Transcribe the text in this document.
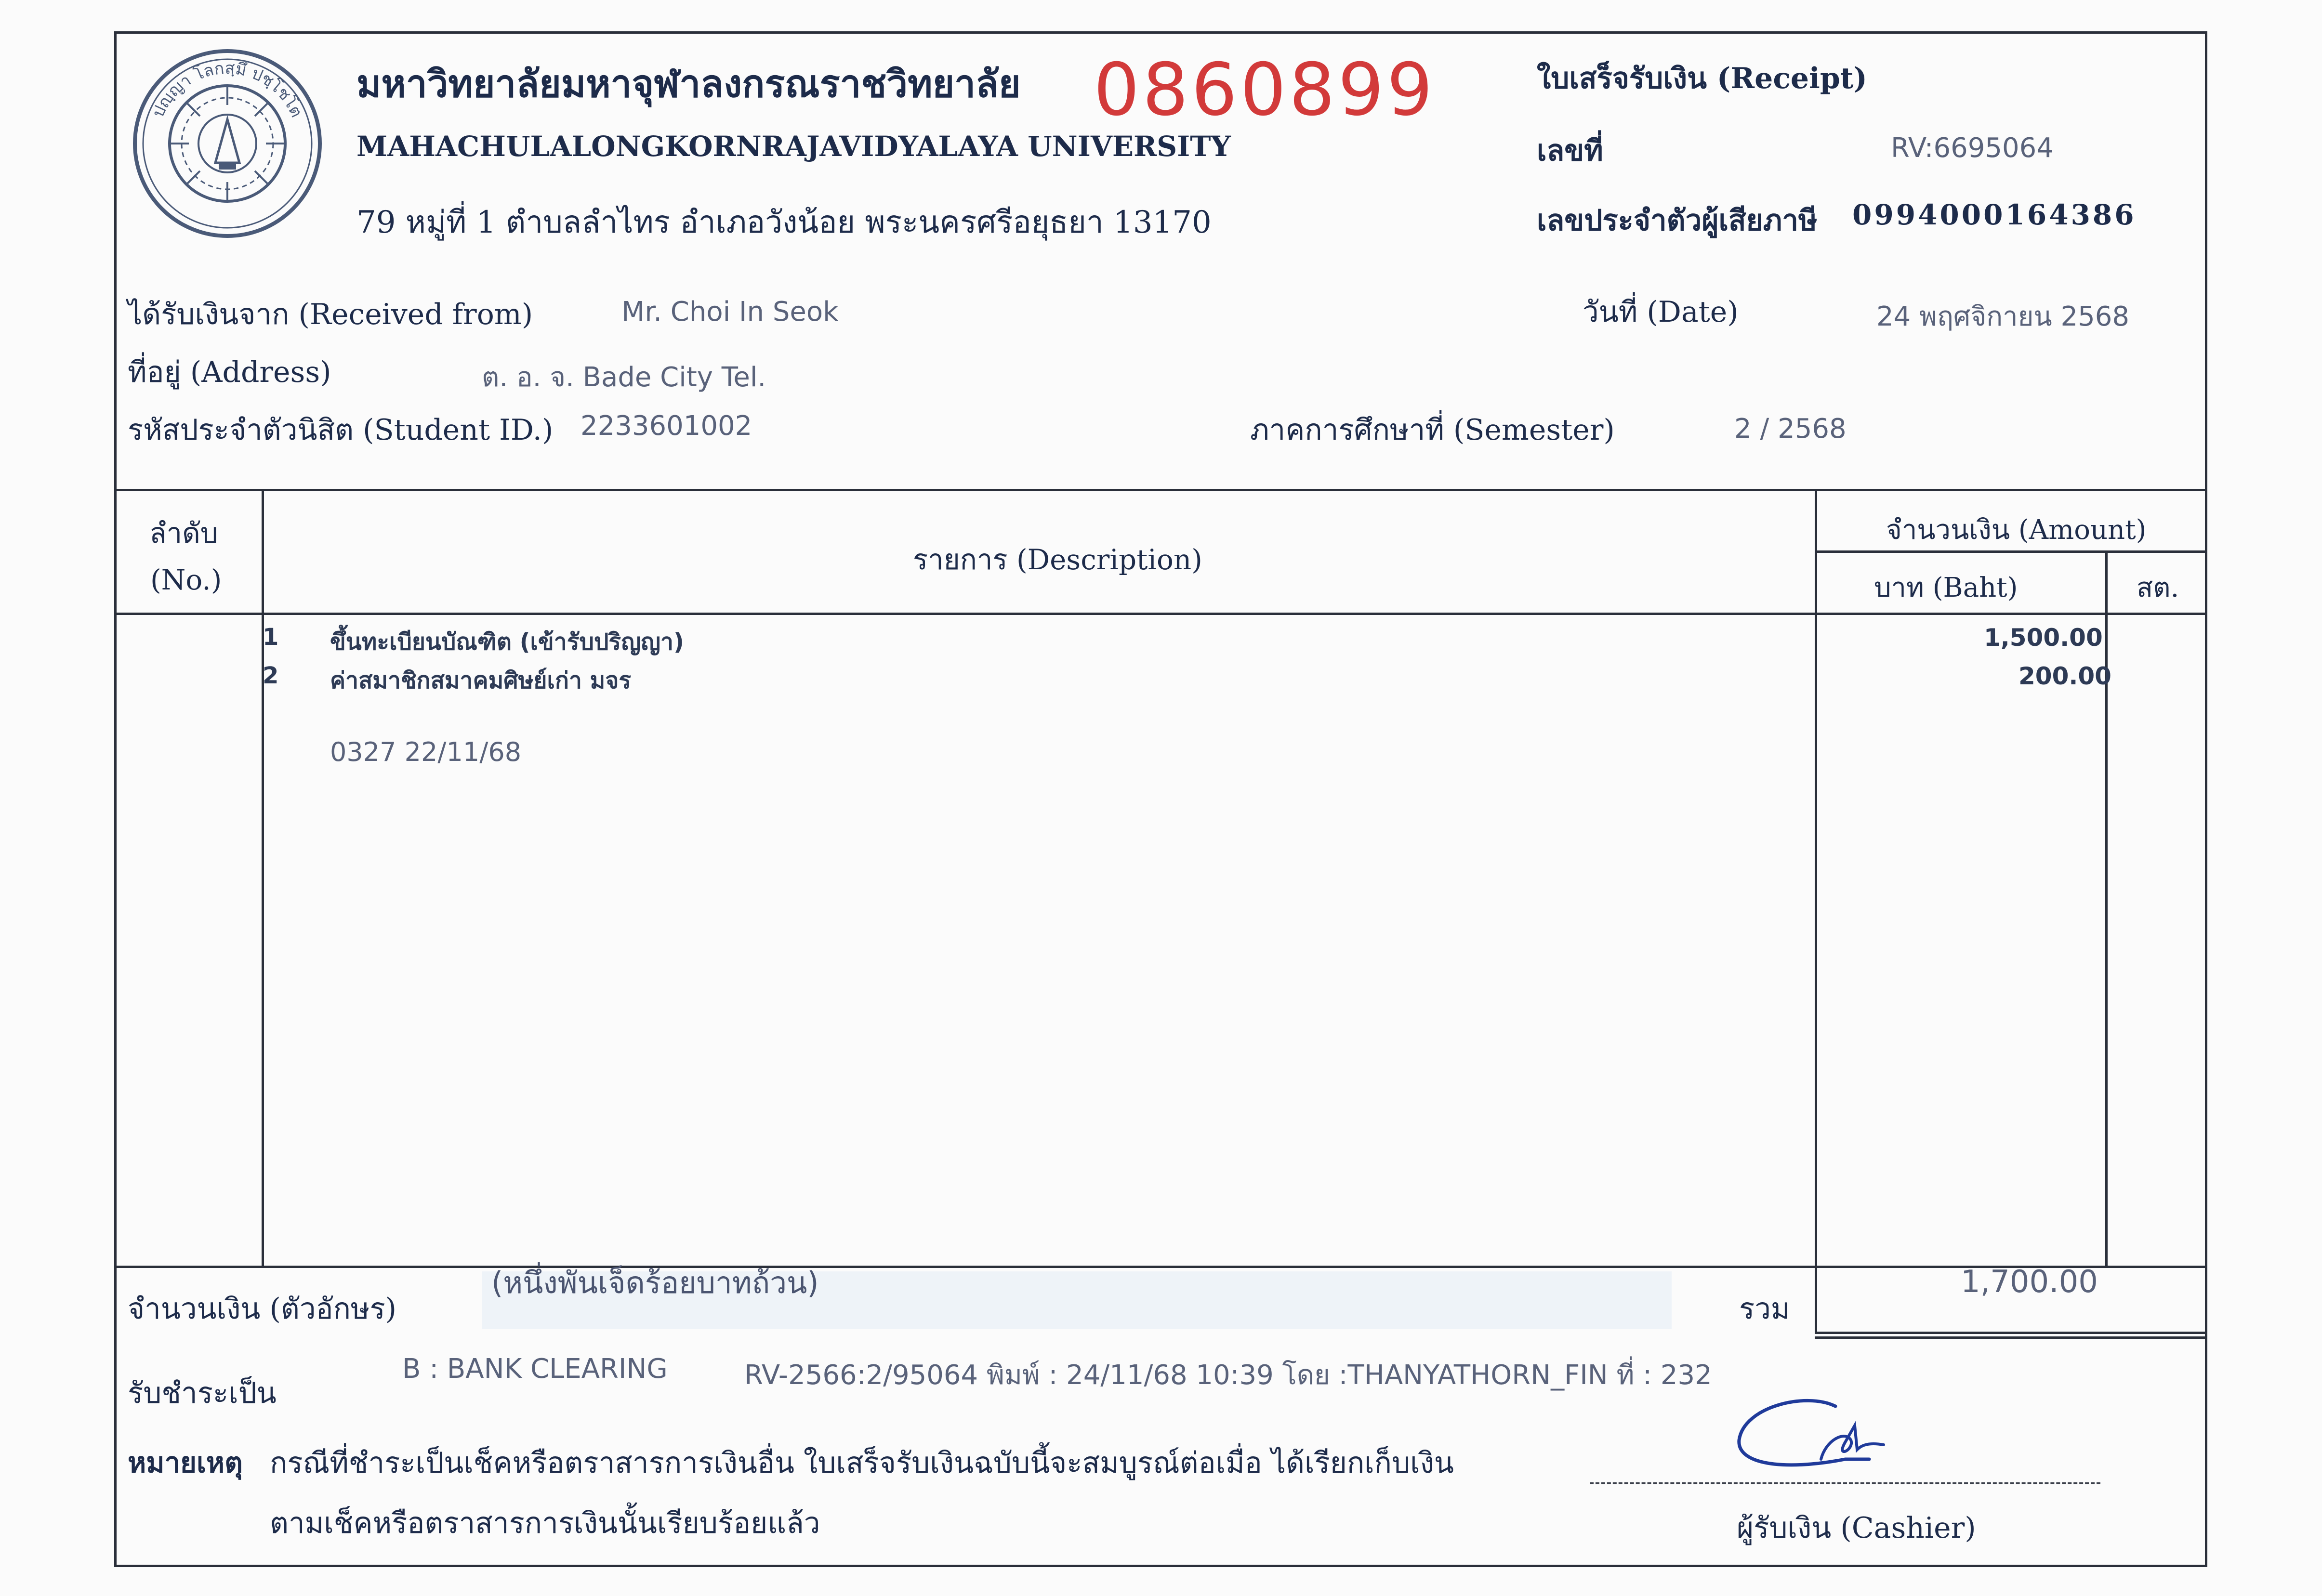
ปญฺญา โลกสฺมึ ปชฺโชโต
มหาวิทยาลัยมหาจุฬาลงกรณราชวิทยาลัย 0860899
MAHACHULALONGKORNRAJAVIDYALAYA UNIVERSITY
79 หมู่ที่ 1 ตำบลลำไทร อำเภอวังน้อย พระนครศรีอยุธยา 13170
ใบเสร็จรับเงิน (Receipt)
เลขที่	RV:6695064
เลขประจำตัวผู้เสียภาษี 0994000164386
ได้รับเงินจาก (Received from)	Mr. Choi In Seok	วันที่ (Date)	24 พฤศจิกายน 2568
ที่อยู่ (Address)	ต. อ. จ. Bade City Tel.
รหัสประจำตัวนิสิต (Student ID.) 2233601002	ภาคการศึกษาที่ (Semester)	2 / 2568
ลำดับ
(No.)
รายการ (Description)
จำนวนเงิน (Amount)
บาท (Baht)	สต.
1 ขึ้นทะเบียนบัณฑิต (เข้ารับปริญญา)	1,500.00
2 ค่าสมาชิกสมาคมศิษย์เก่า มจร	200.00
0327 22/11/68
จำนวนเงิน (ตัวอักษร)
(หนึ่งพันเจ็ดร้อยบาทถ้วน)
รวม
1,700.00
รับชำระเป็น
B : BANK CLEARING	RV-2566:2/95064 พิมพ์ : 24/11/68 10:39 โดย :THANYATHORN_FIN ที่ : 232
หมายเหตุ กรณีที่ชำระเป็นเช็คหรือตราสารการเงินอื่น ใบเสร็จรับเงินฉบับนี้จะสมบูรณ์ต่อเมื่อ ได้เรียกเก็บเงิน
ตามเช็คหรือตราสารการเงินนั้นเรียบร้อยแล้ว	ผู้รับเงิน (Cashier)
